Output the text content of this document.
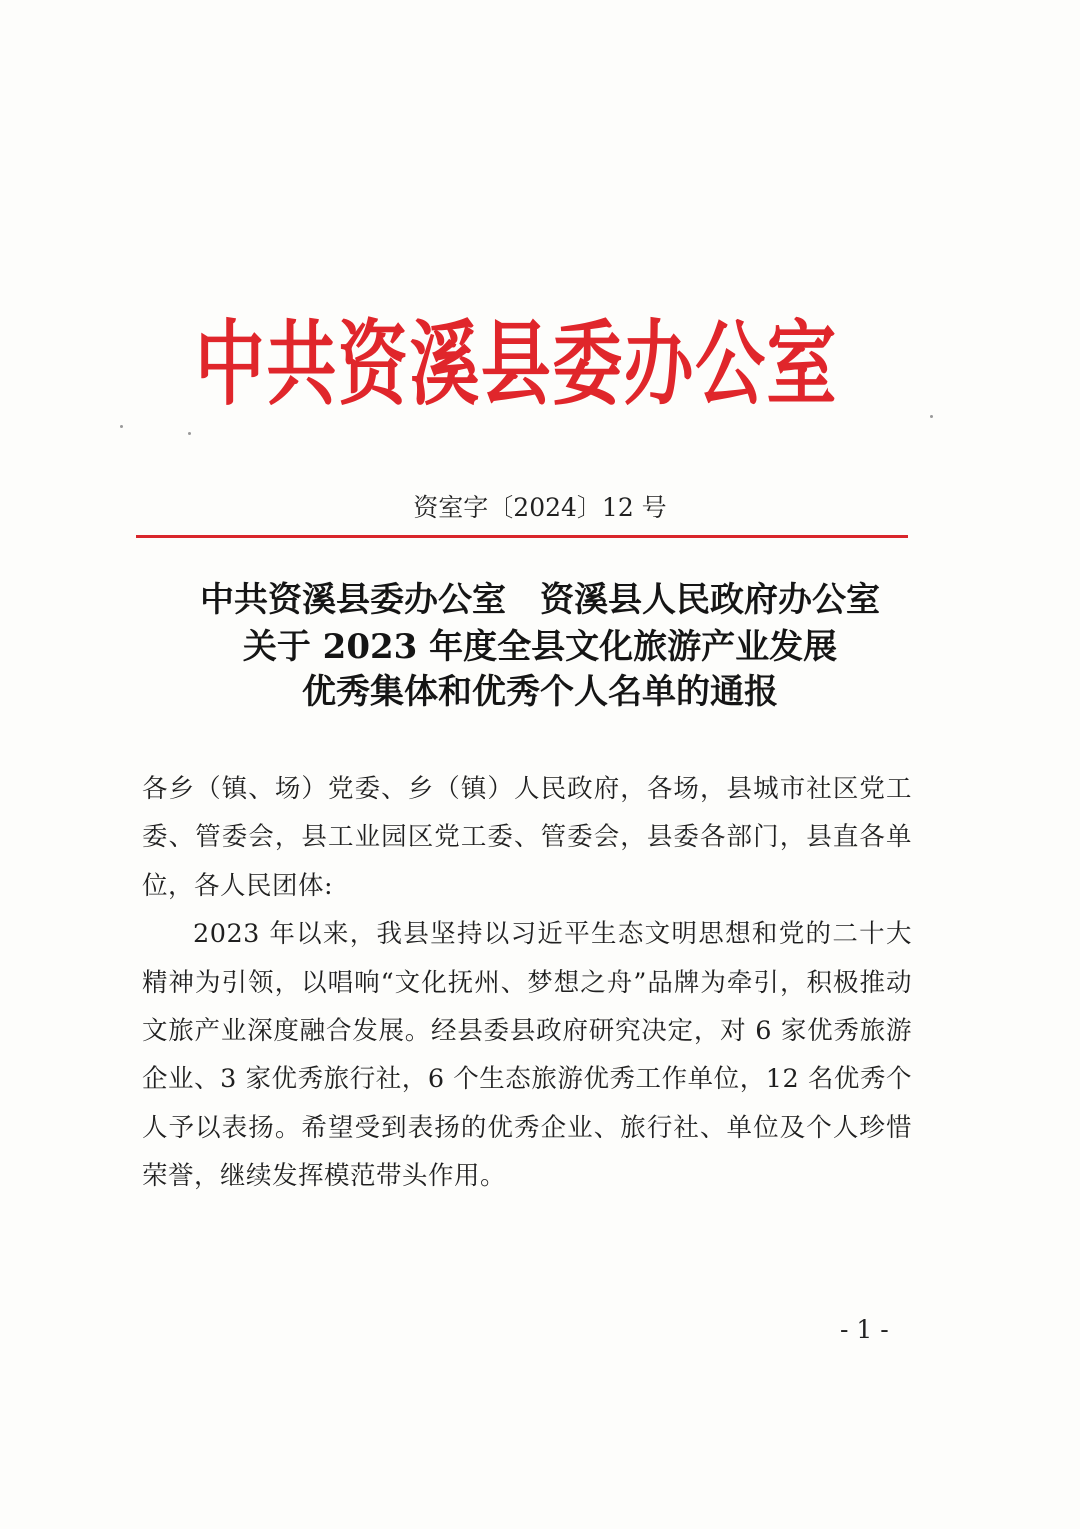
中共资溪县委办公室
资室字〔2024〕12 号
中共资溪县委办公室　资溪县人民政府办公室
关于 2023 年度全县文化旅游产业发展
优秀集体和优秀个人名单的通报

各乡（镇、场）党委、乡（镇）人民政府，各场，县城市社区党工委、管委会，县工业园区党工委、管委会，县委各部门，县直各单位，各人民团体:

2023 年以来，我县坚持以习近平生态文明思想和党的二十大精神为引领，以唱响“文化抚州、梦想之舟”品牌为牵引，积极推动文旅产业深度融合发展。经县委县政府研究决定，对 6 家优秀旅游企业、3 家优秀旅行社，6 个生态旅游优秀工作单位，12 名优秀个人予以表扬。希望受到表扬的优秀企业、旅行社、单位及个人珍惜荣誉，继续发挥模范带头作用。

- 1 -
